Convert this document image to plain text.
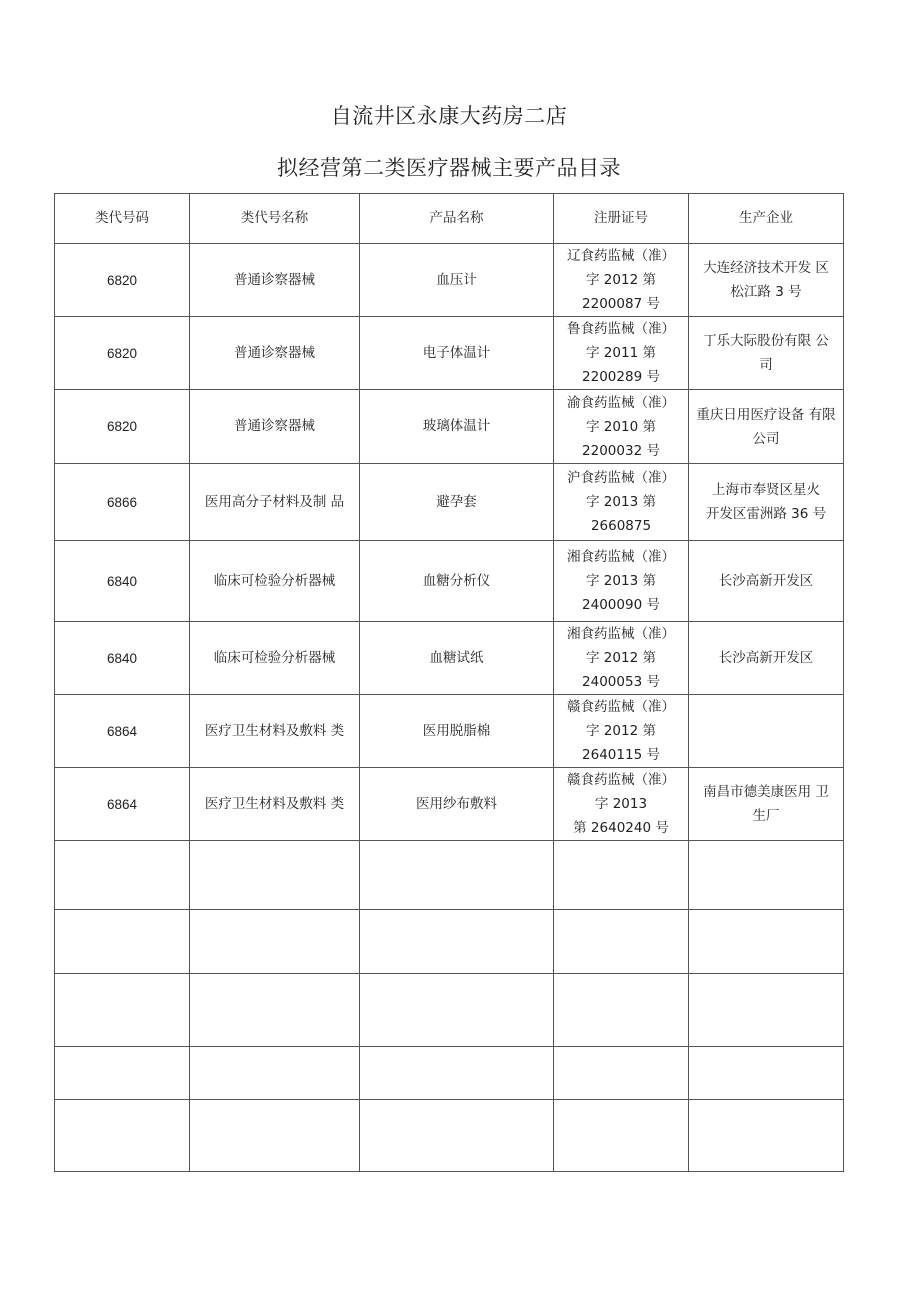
自流井区永康大药房二店
拟经营第二类医疗器械主要产品目录
类代号码	类代号名称	产品名称	注册证号	生产企业
6820	普通诊察器械	血压计	辽食药监械（准）
字 2012 第
2200087 号	大连经济技术开发 区
松江路 3 号

6820	普通诊察器械	电子体温计	鲁食药监械（准）
字 2011 第
2200289 号	丁乐大际股份有限 公
司

6820	普通诊察器械	玻璃体温计	渝食药监械（准）
字 2010 第
2200032 号	重庆日用医疗设备 有限
公司

6866	医用高分子材料及制 品	避孕套	沪食药监械（准）
字 2013 第
2660875	上海市奉贤区星火
开发区雷洲路 36 号

6840	临床可检验分析器械	血糖分析仪	湘食药监械（准）
字 2013 第
2400090 号	长沙高新开发区

6840	临床可检验分析器械	血糖试纸	湘食药监械（准）
字 2012 第
2400053 号	长沙高新开发区

6864	医疗卫生材料及敷料 类	医用脱脂棉	赣食药监械（准）
字 2012 第
2640115 号	

6864	医疗卫生材料及敷料 类	医用纱布敷料	赣食药监械（准）
字 2013
第 2640240 号	南昌市德美康医用 卫
生厂
